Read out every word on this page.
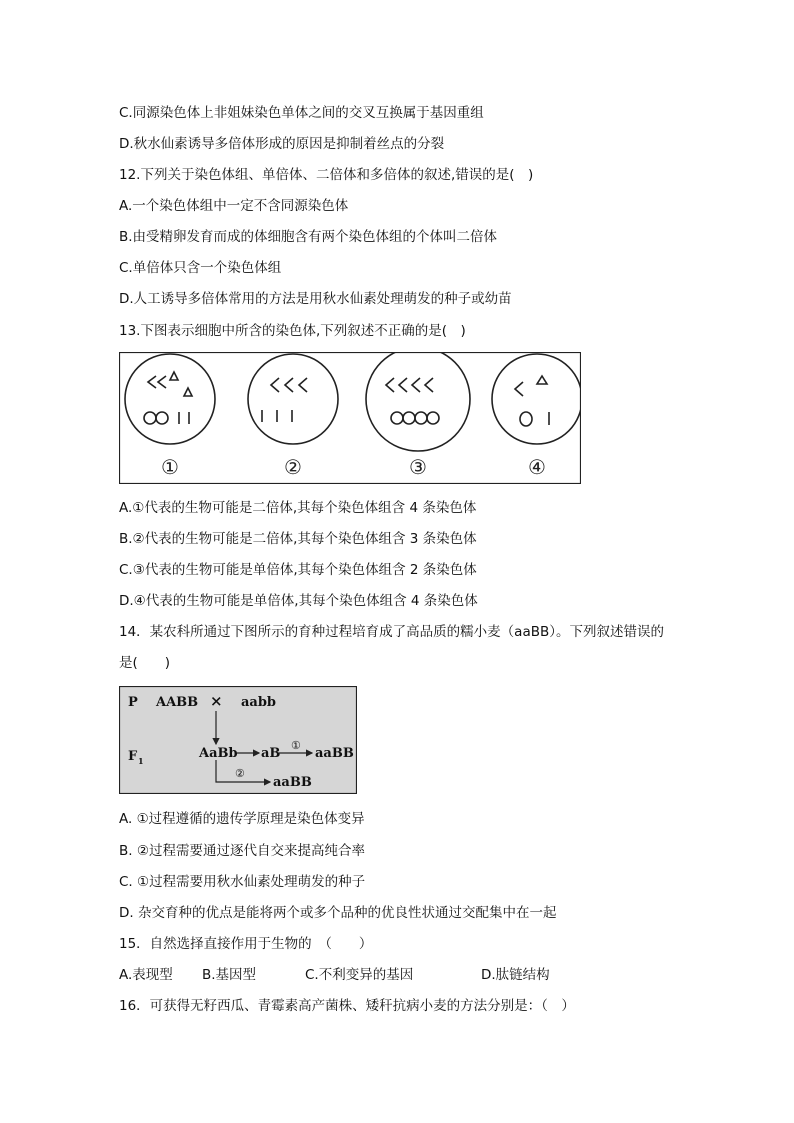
C.同源染色体上非姐妹染色单体之间的交叉互换属于基因重组
D.秋水仙素诱导多倍体形成的原因是抑制着丝点的分裂
12.下列关于染色体组、单倍体、二倍体和多倍体的叙述,错误的是(　)
A.一个染色体组中一定不含同源染色体
B.由受精卵发育而成的体细胞含有两个染色体组的个体叫二倍体
C.单倍体只含一个染色体组
D.人工诱导多倍体常用的方法是用秋水仙素处理萌发的种子或幼苗
13.下图表示细胞中所含的染色体,下列叙述不正确的是(　)
①	②	③	④
A.①代表的生物可能是二倍体,其每个染色体组含 4 条染色体
B.②代表的生物可能是二倍体,其每个染色体组含 3 条染色体
C.③代表的生物可能是单倍体,其每个染色体组含 2 条染色体
D.④代表的生物可能是单倍体,其每个染色体组含 4 条染色体
14．某农科所通过下图所示的育种过程培育成了高品质的糯小麦（aaBB）。下列叙述错误的
是(　　)
P AABB × aabb
F 1	AaBb aB	aaBB
aaBB
①
②
A. ①过程遵循的遗传学原理是染色体变异
B. ②过程需要通过逐代自交来提高纯合率
C. ①过程需要用秋水仙素处理萌发的种子
D. 杂交育种的优点是能将两个或多个品种的优良性状通过交配集中在一起
15．自然选择直接作用于生物的　（　　）
A.表现型 B.基因型	C.不利变异的基因	D.肽链结构
16．可获得无籽西瓜、青霉素高产菌株、矮秆抗病小麦的方法分别是：（　）
